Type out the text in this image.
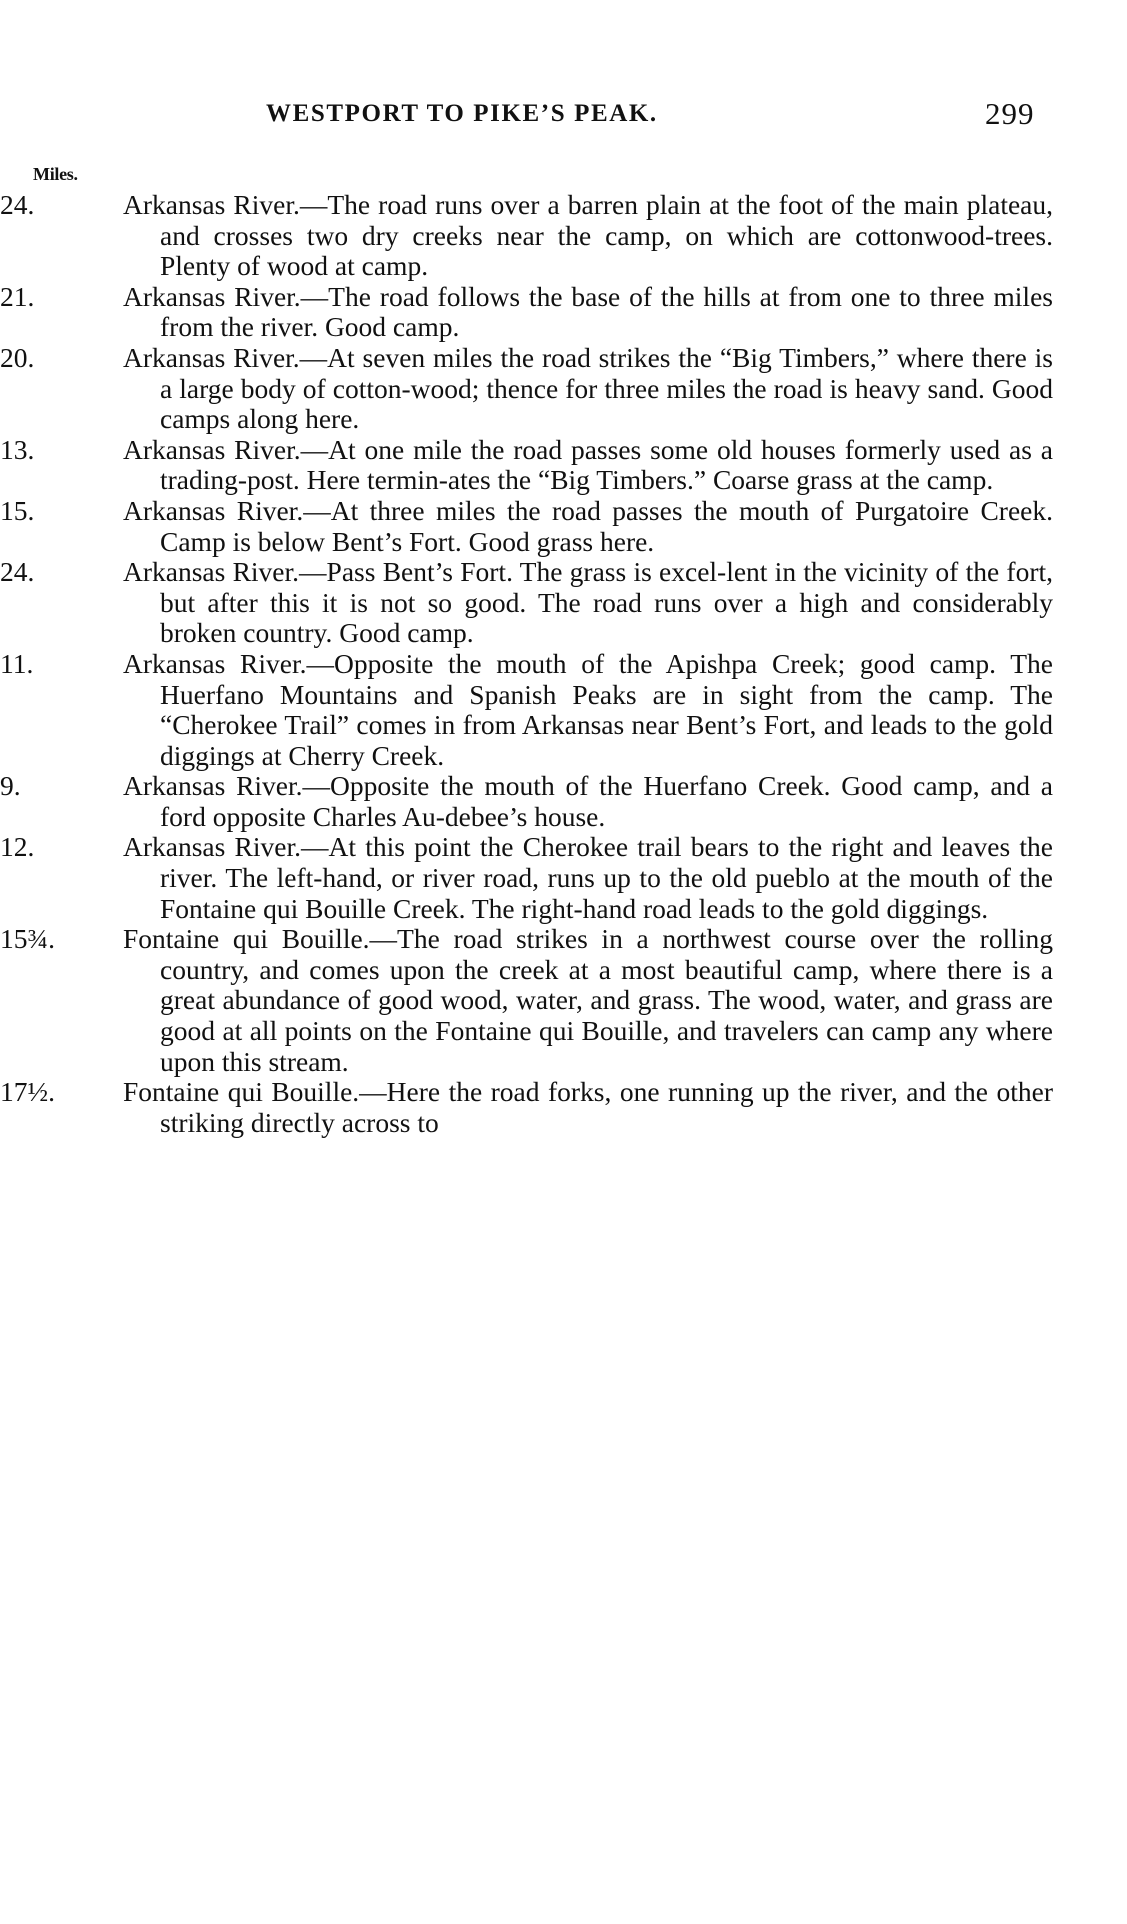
WESTPORT TO PIKE’S PEAK.	299
Miles.

24.	Arkansas River.—The road runs over a barren plain at the foot of the main plateau, and crosses two dry creeks near the camp, on which are cottonwood-trees. Plenty of wood at camp.

21.	Arkansas River.—The road follows the base of the hills at from one to three miles from the river. Good camp.

20.	Arkansas River.—At seven miles the road strikes the “Big Timbers,” where there is a large body of cotton-wood; thence for three miles the road is heavy sand. Good camps along here.

13.	Arkansas River.—At one mile the road passes some old houses formerly used as a trading-post. Here termin-ates the “Big Timbers.” Coarse grass at the camp.

15.	Arkansas River.—At three miles the road passes the mouth of Purgatoire Creek. Camp is below Bent’s Fort. Good grass here.

24.	Arkansas River.—Pass Bent’s Fort. The grass is excel-lent in the vicinity of the fort, but after this it is not so good. The road runs over a high and considerably broken country. Good camp.

11.	Arkansas River.—Opposite the mouth of the Apishpa Creek; good camp. The Huerfano Mountains and Spanish Peaks are in sight from the camp. The “Cherokee Trail” comes in from Arkansas near Bent’s Fort, and leads to the gold diggings at Cherry Creek.

9.	Arkansas River.—Opposite the mouth of the Huerfano Creek. Good camp, and a ford opposite Charles Au-debee’s house.

12.	Arkansas River.—At this point the Cherokee trail bears to the right and leaves the river. The left-hand, or river road, runs up to the old pueblo at the mouth of the Fontaine qui Bouille Creek. The right-hand road leads to the gold diggings.

15¾.	Fontaine qui Bouille.—The road strikes in a northwest course over the rolling country, and comes upon the creek at a most beautiful camp, where there is a great abundance of good wood, water, and grass. The wood, water, and grass are good at all points on the Fontaine qui Bouille, and travelers can camp any where upon this stream.

17½.	Fontaine qui Bouille.—Here the road forks, one running up the river, and the other striking directly across to
